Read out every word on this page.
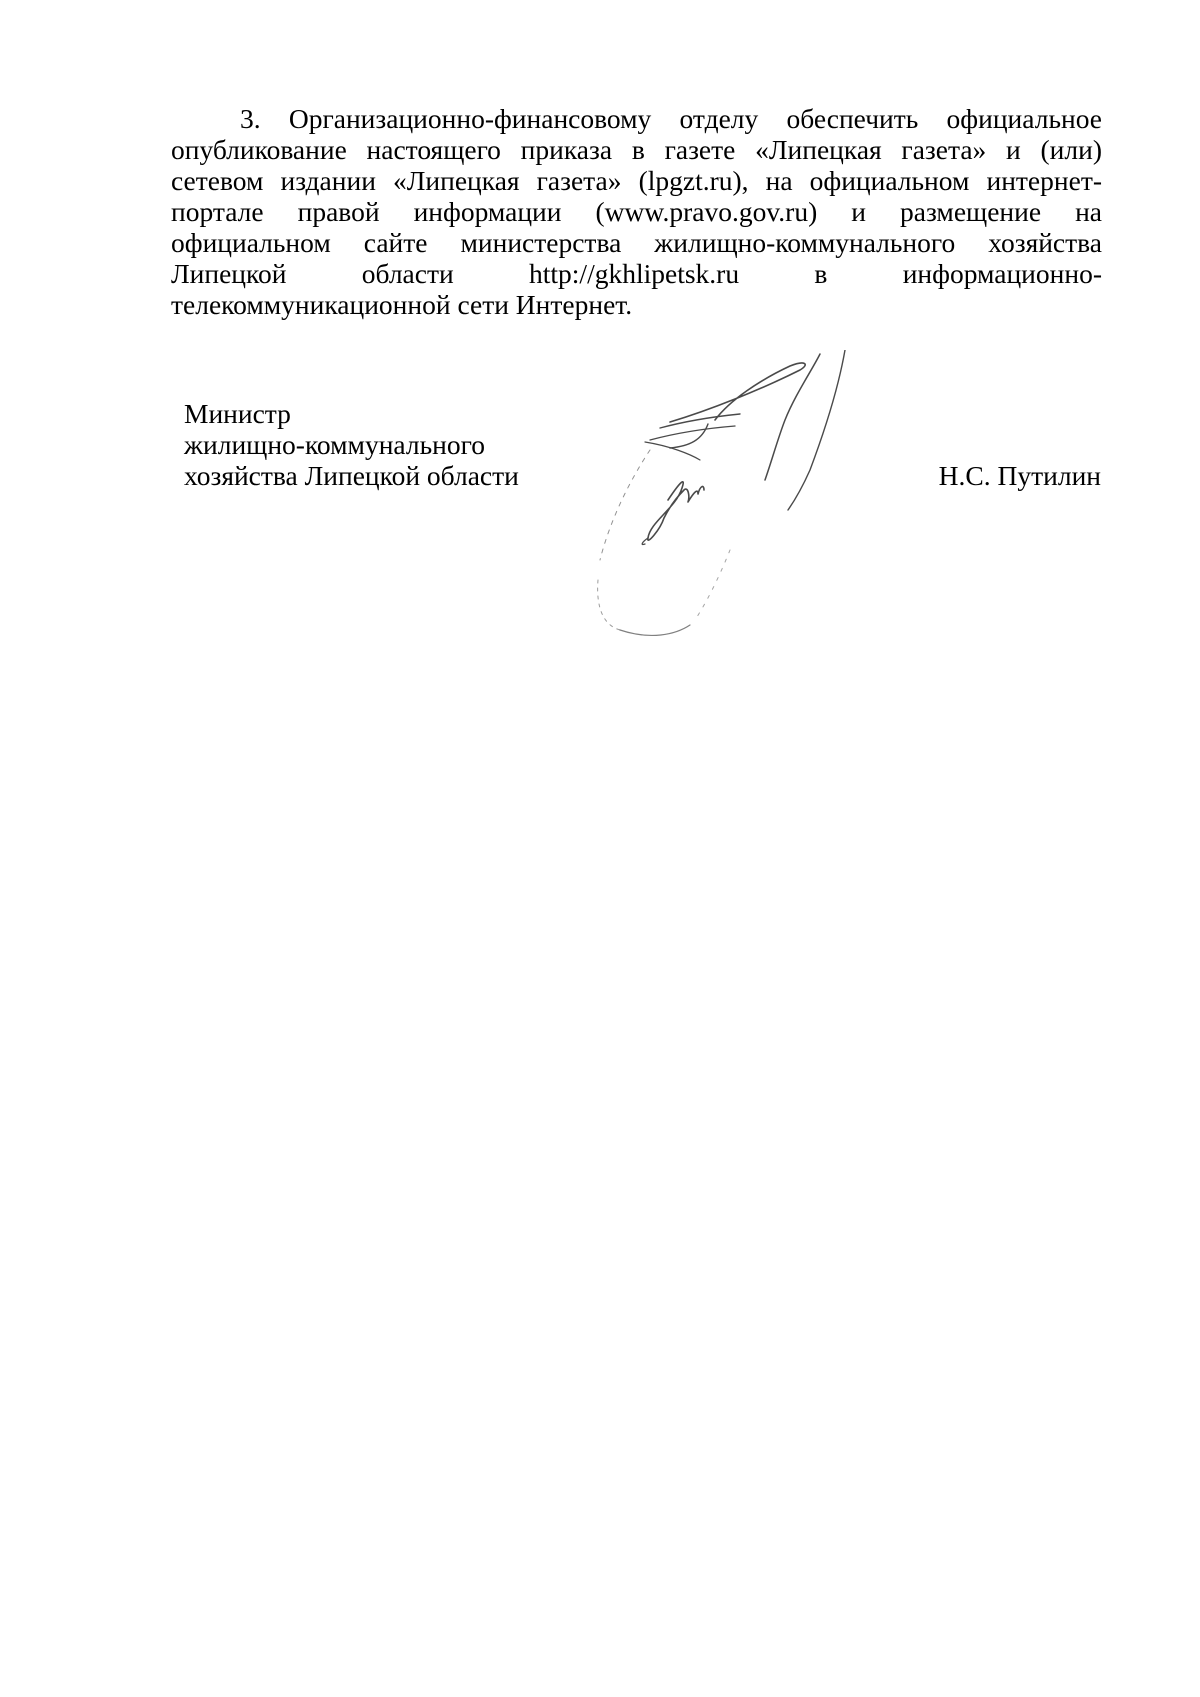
3. Организационно-финансовому отделу обеспечить официальное
опубликование настоящего приказа в газете «Липецкая газета» и (или)
сетевом издании «Липецкая газета» (lpgzt.ru), на официальном интернет-
портале правой информации (www.pravo.gov.ru) и размещение на
официальном сайте министерства жилищно-коммунального хозяйства
Липецкой области http://gkhlipetsk.ru в информационно-
телекоммуникационной сети Интернет.
Министр
жилищно-коммунального
хозяйства Липецкой области	Н.С. Путилин
